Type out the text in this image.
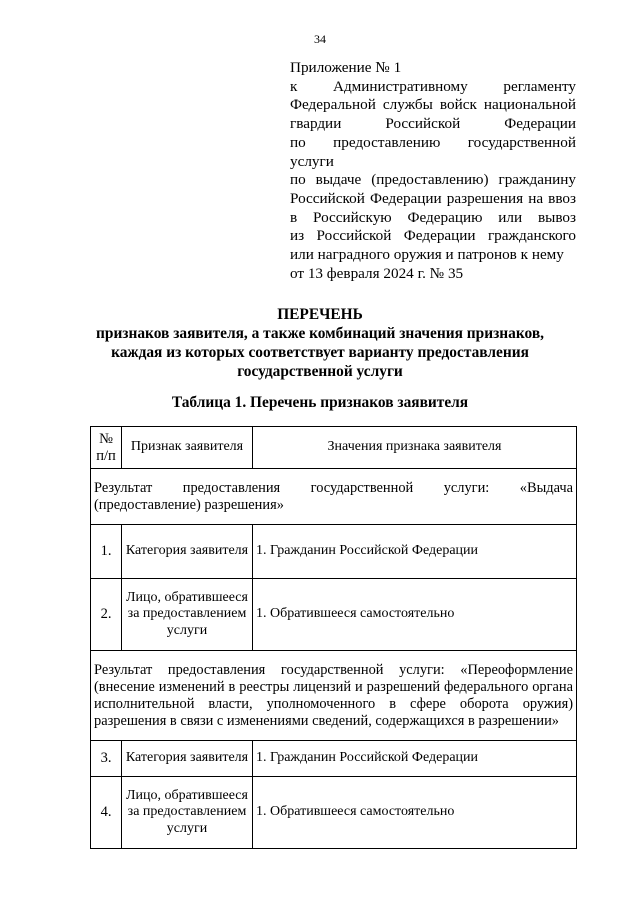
34
Приложение № 1
к Административному регламенту
Федеральной службы войск национальной
гвардии Российской Федерации
по предоставлению государственной услуги
по выдаче (предоставлению) гражданину
Российской Федерации разрешения на ввоз
в Российскую Федерацию или вывоз
из Российской Федерации гражданского
или наградного оружия и патронов к нему
от 13 февраля 2024 г. № 35
ПЕРЕЧЕНЬ
признаков заявителя, а также комбинаций значения признаков,
каждая из которых соответствует варианту предоставления
государственной услуги
Таблица 1. Перечень признаков заявителя
№ п/п	Признак заявителя	Значения признака заявителя
Результат предоставления государственной услуги: «Выдача (предоставление) разрешения»		
1.	Категория заявителя	1. Гражданин Российской Федерации
2.	Лицо, обратившееся за предоставлением услуги	1. Обратившееся самостоятельно
Результат предоставления государственной услуги: «Переоформление (внесение изменений в реестры лицензий и разрешений федерального органа исполнительной власти, уполномоченного в сфере оборота оружия) разрешения в связи с изменениями сведений, содержащихся в разрешении»		
3.	Категория заявителя	1. Гражданин Российской Федерации
4.	Лицо, обратившееся за предоставлением услуги	1. Обратившееся самостоятельно
